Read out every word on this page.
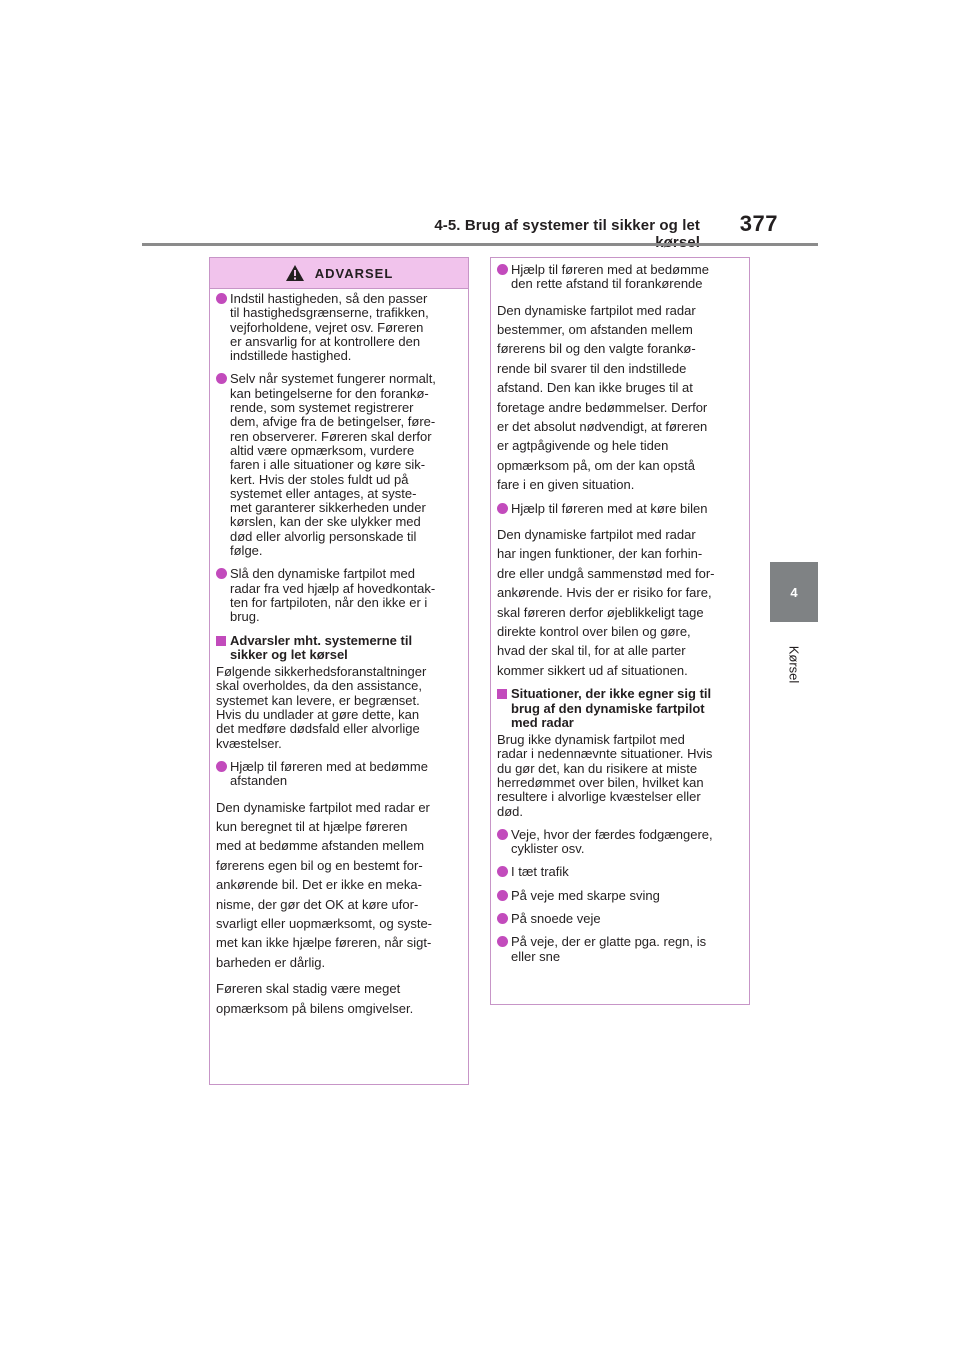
4-5. Brug af systemer til sikker og let	377
4
Kørsel
ADVARSEL
Indstil hastigheden, så den passer
til hastighedsgrænserne, trafikken,
vejforholdene, vejret osv. Føreren
er ansvarlig for at kontrollere den
indstillede hastighed.
Selv når systemet fungerer normalt,
kan betingelserne for den forankø-
rende, som systemet registrerer
dem, afvige fra de betingelser, føre-
ren observerer. Føreren skal derfor
altid være opmærksom, vurdere
faren i alle situationer og køre sik-
kert. Hvis der stoles fuldt ud på
systemet eller antages, at syste-
met garanterer sikkerheden under
kørslen, kan der ske ulykker med
død eller alvorlig personskade til
følge.
Slå den dynamiske fartpilot med
radar fra ved hjælp af hovedkontak-
ten for fartpiloten, når den ikke er i
brug.
Advarsler mht. systemerne til
sikker og let kørsel
Følgende sikkerhedsforanstaltninger
skal overholdes, da den assistance,
systemet kan levere, er begrænset.
Hvis du undlader at gøre dette, kan
det medføre dødsfald eller alvorlige
kvæstelser.
Hjælp til føreren med at bedømme
afstanden
Den dynamiske fartpilot med radar er
kun beregnet til at hjælpe føreren
med at bedømme afstanden mellem
førerens egen bil og en bestemt for-
ankørende bil. Det er ikke en meka-
nisme, der gør det OK at køre ufor-
svarligt eller uopmærksomt, og syste-
met kan ikke hjælpe føreren, når sigt-
barheden er dårlig.
Føreren skal stadig være meget
opmærksom på bilens omgivelser.
Hjælp til føreren med at bedømme
den rette afstand til forankørende
Den dynamiske fartpilot med radar
bestemmer, om afstanden mellem
førerens bil og den valgte forankø-
rende bil svarer til den indstillede
afstand. Den kan ikke bruges til at
foretage andre bedømmelser. Derfor
er det absolut nødvendigt, at føreren
er agtpågivende og hele tiden
opmærksom på, om der kan opstå
fare i en given situation.
Hjælp til føreren med at køre bilen
Den dynamiske fartpilot med radar
har ingen funktioner, der kan forhin-
dre eller undgå sammenstød med for-
ankørende. Hvis der er risiko for fare,
skal føreren derfor øjeblikkeligt tage
direkte kontrol over bilen og gøre,
hvad der skal til, for at alle parter
kommer sikkert ud af situationen.
Situationer, der ikke egner sig til
brug af den dynamiske fartpilot
med radar
Brug ikke dynamisk fartpilot med
radar i nedennævnte situationer. Hvis
du gør det, kan du risikere at miste
herredømmet over bilen, hvilket kan
resultere i alvorlige kvæstelser eller
død.
Veje, hvor der færdes fodgængere,
cyklister osv.
I tæt trafik
På veje med skarpe sving
På snoede veje
På veje, der er glatte pga. regn, is
eller sne
